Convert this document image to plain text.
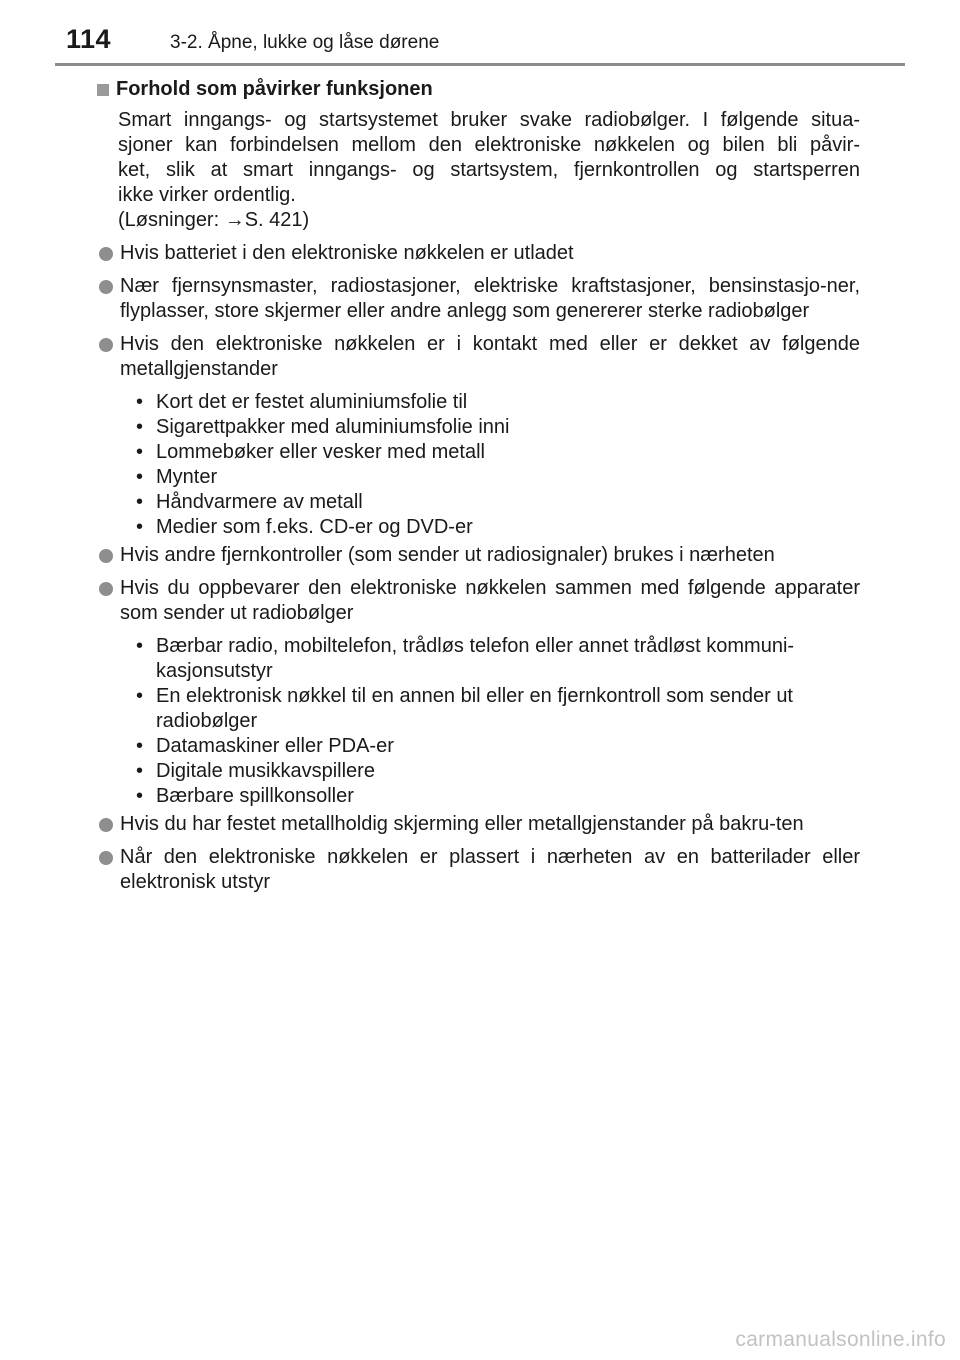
114	3-2. Åpne, lukke og låse dørene
Forhold som påvirker funksjonen
Smart inngangs- og startsystemet bruker svake radiobølger. I følgende situa-
sjoner kan forbindelsen mellom den elektroniske nøkkelen og bilen bli påvir-
ket, slik at smart inngangs- og startsystem, fjernkontrollen og startsperren
ikke virker ordentlig.
(Løsninger: →S. 421)
Hvis batteriet i den elektroniske nøkkelen er utladet
Nær fjernsynsmaster, radiostasjoner, elektriske kraftstasjoner, bensinstasjo-ner, flyplasser, store skjermer eller andre anlegg som genererer sterke radiobølger
Hvis den elektroniske nøkkelen er i kontakt med eller er dekket av følgende metallgjenstander
• Kort det er festet aluminiumsfolie til
• Sigarettpakker med aluminiumsfolie inni
• Lommebøker eller vesker med metall
• Mynter
• Håndvarmere av metall
• Medier som f.eks. CD-er og DVD-er
Hvis andre fjernkontroller (som sender ut radiosignaler) brukes i nærheten
Hvis du oppbevarer den elektroniske nøkkelen sammen med følgende apparater som sender ut radiobølger
• Bærbar radio, mobiltelefon, trådløs telefon eller annet trådløst kommuni-kasjonsutstyr
• En elektronisk nøkkel til en annen bil eller en fjernkontroll som sender ut radiobølger
• Datamaskiner eller PDA-er
• Digitale musikkavspillere
• Bærbare spillkonsoller
Hvis du har festet metallholdig skjerming eller metallgjenstander på bakru-ten
Når den elektroniske nøkkelen er plassert i nærheten av en batterilader eller elektronisk utstyr
carmanualsonline.info
